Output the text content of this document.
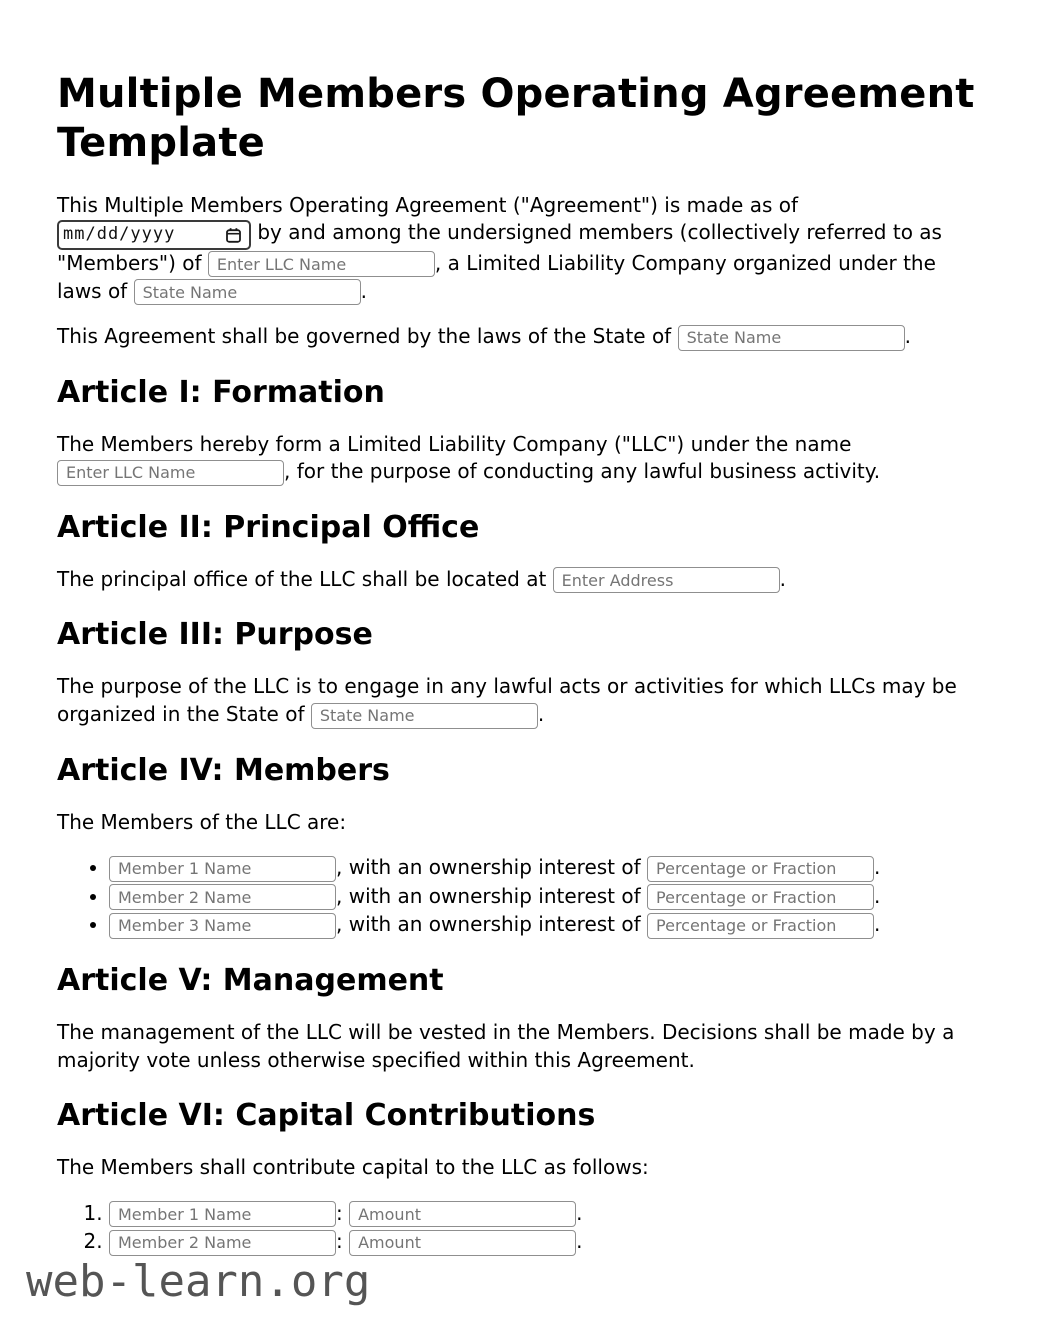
Multiple Members Operating Agreement Template

This Multiple Members Operating Agreement ("Agreement") is made as of
mm/dd/yyyy	by and among the undersigned members (collectively referred to as "Members") of Enter LLC Name	, a Limited Liability Company organized under the laws of State Name	.

This Agreement shall be governed by the laws of the State of State Name	.

Article I: Formation

The Members hereby form a Limited Liability Company ("LLC") under the name Enter LLC Name, for the purpose of conducting any lawful business activity.

Article II: Principal Office

The principal office of the LLC shall be located at Enter Address	.

Article III: Purpose

The purpose of the LLC is to engage in any lawful acts or activities for which LLCs may be organized in the State of State Name	.

Article IV: Members

The Members of the LLC are:

Member 1 Name • , with an ownership interest of Percentage or Fraction	.
Member 2 Name • , with an ownership interest of Percentage or Fraction	.
Member 3 Name • , with an ownership interest of Percentage or Fraction	.
Article V: Management

The management of the LLC will be vested in the Members. Decisions shall be made by a majority vote unless otherwise specified within this Agreement.

Article VI: Capital Contributions

The Members shall contribute capital to the LLC as follows:

Member 1 Name 1. : Amount	.
Member 2 Name 2. : Amount	.
web-learn.org
